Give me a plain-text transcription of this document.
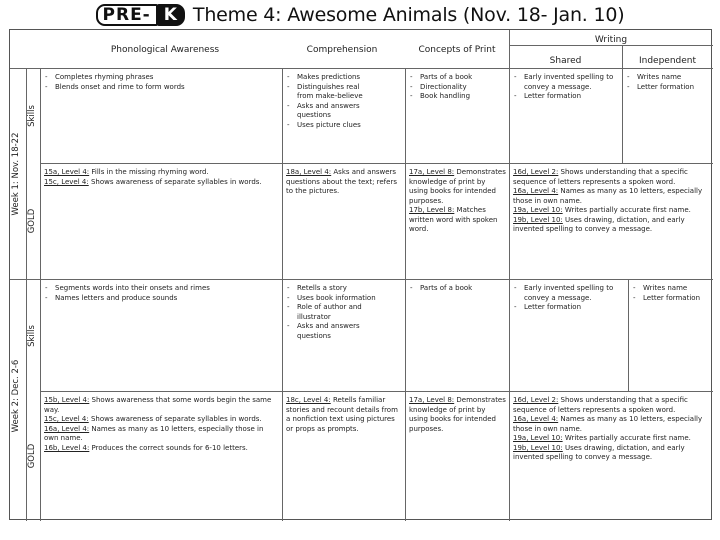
PRE- K Theme 4: Awesome Animals (Nov. 18- Jan. 10)
Phonological Awareness	Comprehension	Concepts of Print
Writing
Shared	Independent
Week 1: Nov. 18-22
Skills
GOLD
Week 2: Dec. 2-6
Skills
GOLD
- Completes rhyming phrases
- Blends onset and rime to form words
- Makes predictions
- Distinguishes real from make-believe
- Asks and answers questions
- Uses picture clues
- Parts of a book
- Directionality
- Book handling
- Early invented spelling to convey a message.
- Letter formation
- Writes name
- Letter formation

15a, Level 4: Fills in the missing rhyming word.

15c, Level 4: Shows awareness of separate syllables in words.

18a, Level 4: Asks and answers questions about the text; refers to the pictures.

17a, Level 8: Demonstrates knowledge of print by using books for intended purposes.

17b, Level 8: Matches written word with spoken word.

16d, Level 2: Shows understanding that a specific sequence of letters represents a spoken word.

16a, Level 4: Names as many as 10 letters, especially those in own name.

19a, Level 10: Writes partially accurate first name.

19b, Level 10: Uses drawing, dictation, and early invented spelling to convey a message.

- Segments words into their onsets and rimes
- Names letters and produce sounds
- Retells a story
- Uses book information
- Role of author and illustrator
- Asks and answers questions
- Parts of a book
-	Early invented spelling to convey a message.
- Letter formation
- Writes name
- Letter formation

15b, Level 4: Shows awareness that some words begin the same way.

15c, Level 4: Shows awareness of separate syllables in words.

16a, Level 4: Names as many as 10 letters, especially those in own name.

16b, Level 4: Produces the correct sounds for 6-10 letters.

18c, Level 4: Retells familiar stories and recount details from a nonfiction text using pictures or props as prompts.

17a, Level 8: Demonstrates knowledge of print by using books for intended purposes.

16d, Level 2: Shows understanding that a specific sequence of letters represents a spoken word.

16a, Level 4: Names as many as 10 letters, especially those in own name.

19a, Level 10: Writes partially accurate first name.

19b, Level 10: Uses drawing, dictation, and early invented spelling to convey a message.
